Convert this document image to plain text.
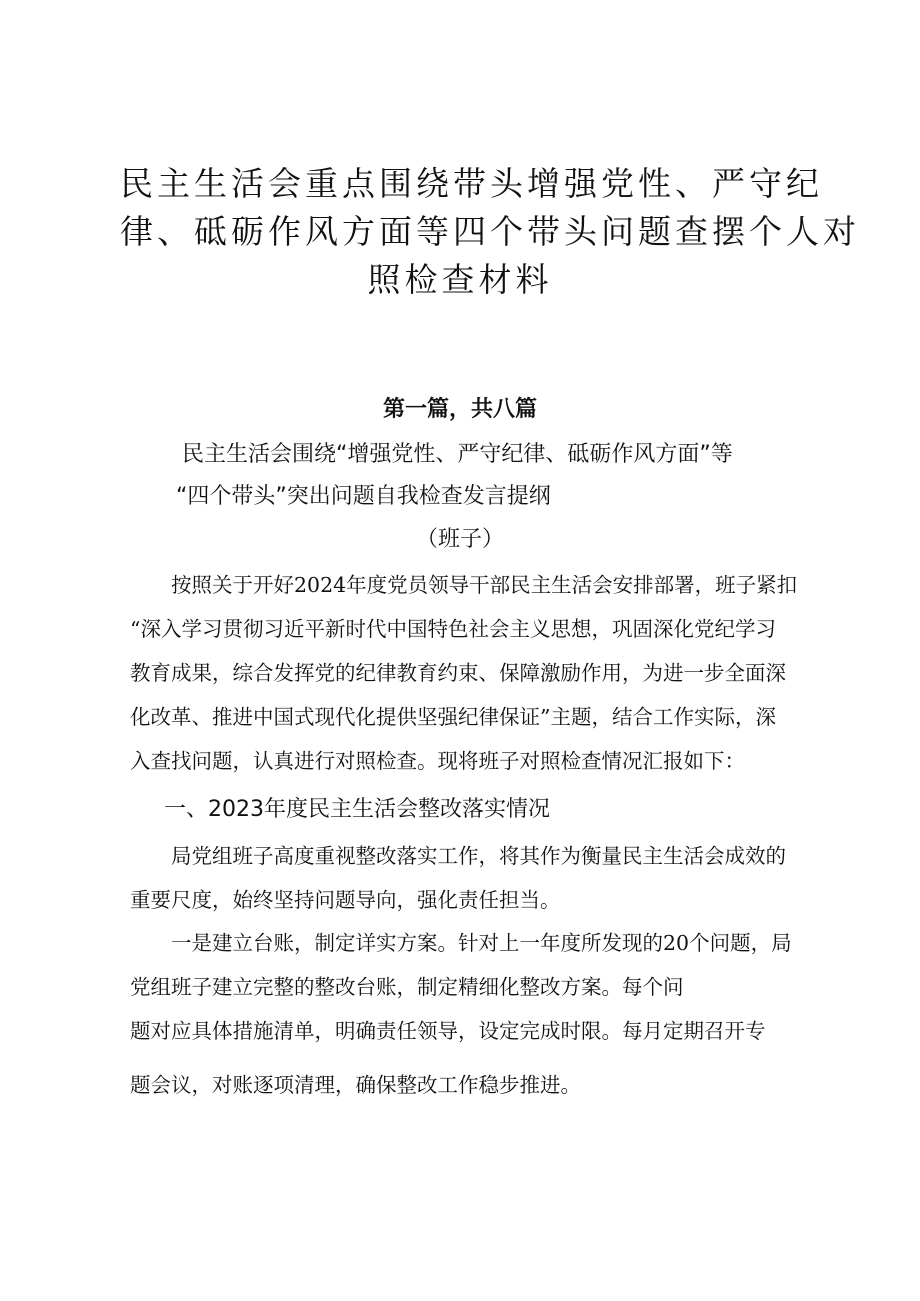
民主生活会重点围绕带头增强党性、严守纪
律、砥砺作风方面等四个带头问题查摆个人对
照检查材料
第一篇，共八篇
民主生活会围绕“增强党性、严守纪律、砥砺作风方面”等
“四个带头”突出问题自我检查发言提纲
（班子）
按照关于开好2024年度党员领导干部民主生活会安排部署，班子紧扣
“深入学习贯彻习近平新时代中国特色社会主义思想，巩固深化党纪学习
教育成果，综合发挥党的纪律教育约束、保障激励作用，为进一步全面深
化改革、推进中国式现代化提供坚强纪律保证”主题，结合工作实际，深
入查找问题，认真进行对照检查。现将班子对照检查情况汇报如下：
一、2023年度民主生活会整改落实情况
局党组班子高度重视整改落实工作，将其作为衡量民主生活会成效的
重要尺度，始终坚持问题导向，强化责任担当。
一是建立台账，制定详实方案。针对上一年度所发现的20个问题，局
党组班子建立完整的整改台账，制定精细化整改方案。每个问
题对应具体措施清单，明确责任领导，设定完成时限。每月定期召开专
题会议，对账逐项清理，确保整改工作稳步推进。
